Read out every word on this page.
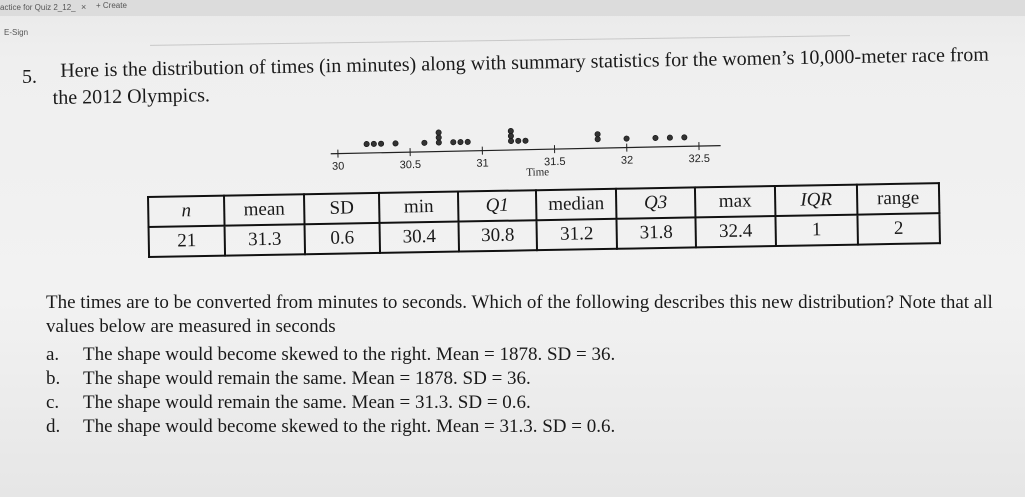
actice for Quiz 2_12_ × + Create
E-Sign
5.	Here is the distribution of times (in minutes) along with summary statistics for the women’s 10,000-meter race from the 2012 Olympics.
30	30.5	31	31.5	32	32.5
Time
n	mean	SD	min	Q1	median	Q3	max	IQR	range
21	31.3	0.6	30.4	30.8	31.2	31.8	32.4	1	2
The times are to be converted from minutes to seconds. Which of the following describes this new distribution? Note that all values below are measured in seconds
a.	The shape would become skewed to the right. Mean = 1878. SD = 36.
b.	The shape would remain the same. Mean = 1878. SD = 36.
c.	The shape would remain the same. Mean = 31.3. SD = 0.6.
d.	The shape would become skewed to the right. Mean = 31.3. SD = 0.6.
